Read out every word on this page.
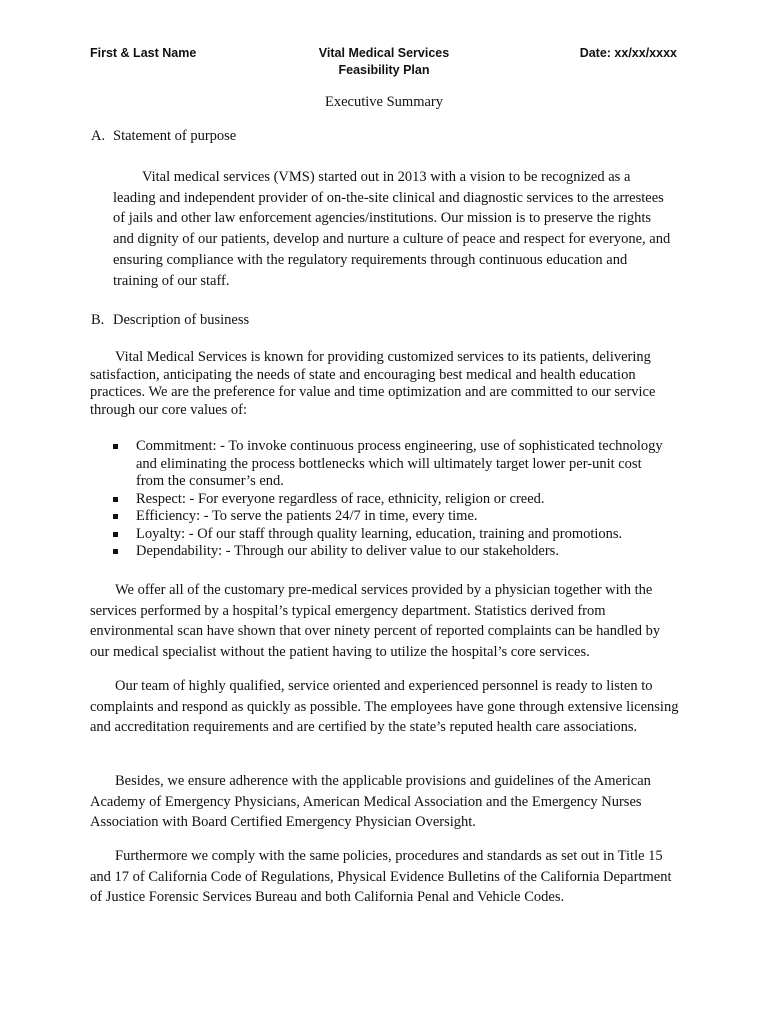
First & Last Name	Vital Medical Services
Feasibility Plan
Date: xx/xx/xxxx
Executive Summary
A. Statement of purpose

Vital medical services (VMS) started out in 2013 with a vision to be recognized as a leading and independent provider of on-the-site clinical and diagnostic services to the arrestees of jails and other law enforcement agencies/institutions. Our mission is to preserve the rights and dignity of our patients, develop and nurture a culture of peace and respect for everyone, and ensuring compliance with the regulatory requirements through continuous education and training of our staff.

B. Description of business

Vital Medical Services is known for providing customized services to its patients, delivering satisfaction, anticipating the needs of state and encouraging best medical and health education practices. We are the preference for value and time optimization and are committed to our service through our core values of:

Commitment: - To invoke continuous process engineering, use of sophisticated technology and eliminating the process bottlenecks which will ultimately target lower per-unit cost from the consumer’s end.
Respect: - For everyone regardless of race, ethnicity, religion or creed.
Efficiency: - To serve the patients 24/7 in time, every time.
Loyalty: - Of our staff through quality learning, education, training and promotions.
Dependability: - Through our ability to deliver value to our stakeholders.

We offer all of the customary pre-medical services provided by a physician together with the services performed by a hospital’s typical emergency department. Statistics derived from environmental scan have shown that over ninety percent of reported complaints can be handled by our medical specialist without the patient having to utilize the hospital’s core services.

Our team of highly qualified, service oriented and experienced personnel is ready to listen to complaints and respond as quickly as possible. The employees have gone through extensive licensing and accreditation requirements and are certified by the state’s reputed health care associations.

Besides, we ensure adherence with the applicable provisions and guidelines of the American Academy of Emergency Physicians, American Medical Association and the Emergency Nurses Association with Board Certified Emergency Physician Oversight.

Furthermore we comply with the same policies, procedures and standards as set out in Title 15 and 17 of California Code of Regulations, Physical Evidence Bulletins of the California Department of Justice Forensic Services Bureau and both California Penal and Vehicle Codes.
